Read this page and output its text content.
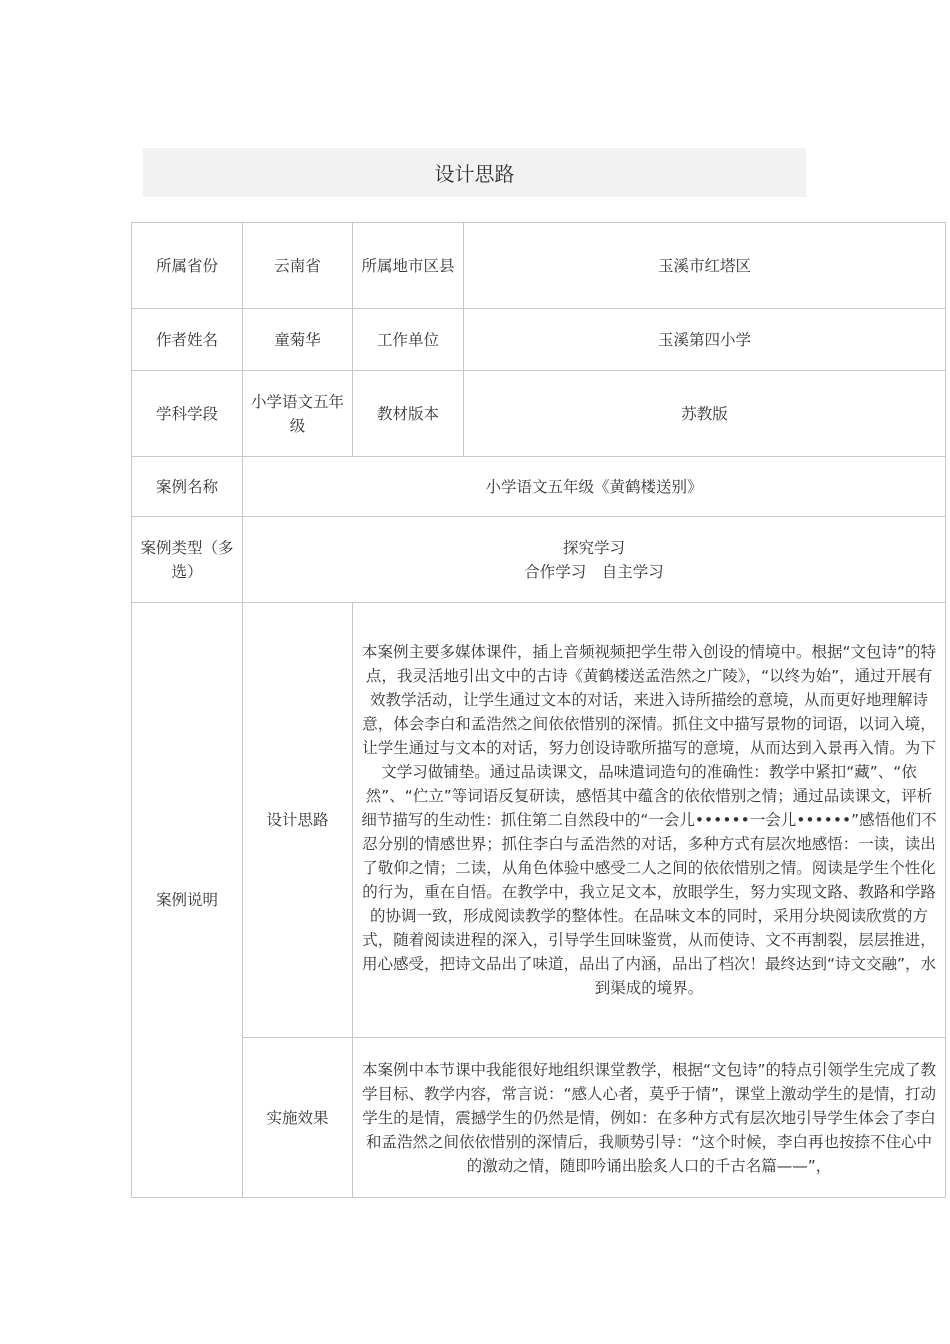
设计思路
所属省份	云南省	所属地市区县	玉溪市红塔区
作者姓名	童菊华	工作单位	玉溪第四小学
学科学段	小学语文五年级	教材版本	苏教版
案例名称	小学语文五年级《黄鹤楼送别》		
案例类型（多选）	探究学习
合作学习　自主学习		

案例说明	设计思路	本案例主要多媒体课件，插上音频视频把学生带入创设的情境中。根据“文包诗”的特点，我灵活地引出文中的古诗《黄鹤楼送孟浩然之广陵》，“以终为始”，通过开展有效教学活动，让学生通过文本的对话，来进入诗所描绘的意境，从而更好地理解诗意，体会李白和孟浩然之间依依惜别的深情。抓住文中描写景物的词语，以词入境，让学生通过与文本的对话，努力创设诗歌所描写的意境，从而达到入景再入情。为下文学习做铺垫。通过品读课文，品味遣词造句的准确性：教学中紧扣“藏”、“依然”、“伫立”等词语反复研读，感悟其中蕴含的依依惜别之情；通过品读课文，评析细节描写的生动性：抓住第二自然段中的“一会儿••••••一会儿••••••”感悟他们不忍分别的情感世界；抓住李白与孟浩然的对话，多种方式有层次地感悟：一读，读出了敬仰之情；二读，从角色体验中感受二人之间的依依惜别之情。阅读是学生个性化的行为，重在自悟。在教学中，我立足文本，放眼学生，努力实现文路、教路和学路的协调一致，形成阅读教学的整体性。在品味文本的同时，采用分块阅读欣赏的方式，随着阅读进程的深入，引导学生回味鉴赏，从而使诗、文不再割裂，层层推进，用心感受，把诗文品出了味道，品出了内涵，品出了档次！最终达到“诗文交融”，水到渠成的境界。	
	实施效果	本案例中本节课中我能很好地组织课堂教学，根据“文包诗”的特点引领学生完成了教学目标、教学内容，常言说：“感人心者，莫乎于情”，课堂上激动学生的是情，打动学生的是情，震撼学生的仍然是情，例如：在多种方式有层次地引导学生体会了李白和孟浩然之间依依惜别的深情后，我顺势引导：“这个时候，李白再也按捺不住心中的激动之情，随即吟诵出脍炙人口的千古名篇——”，	
